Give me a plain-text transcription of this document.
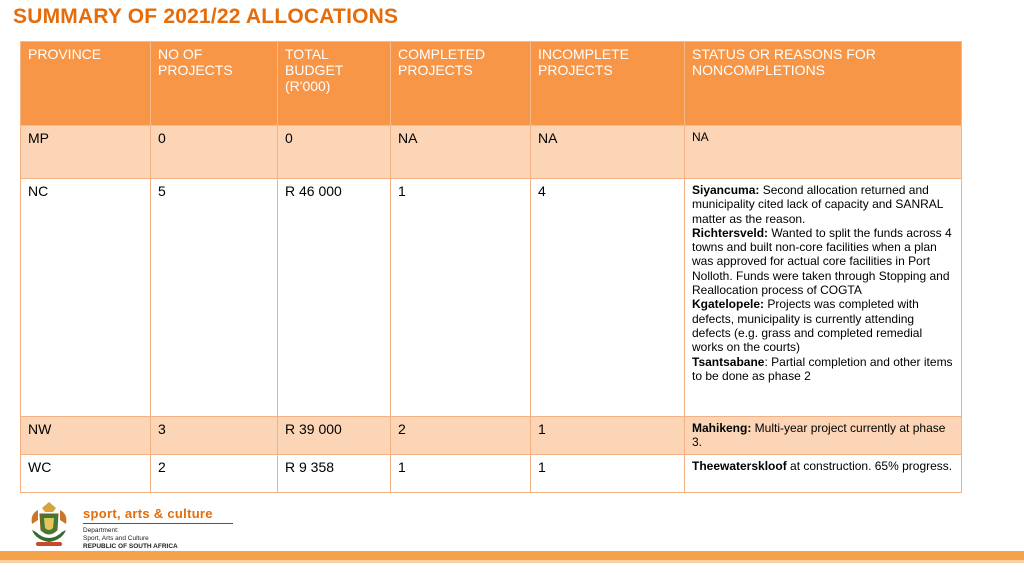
SUMMARY OF 2021/22 ALLOCATIONS
PROVINCE	NO OF PROJECTS	TOTAL BUDGET (R'000)	COMPLETED PROJECTS	INCOMPLETE PROJECTS	STATUS OR REASONS FOR NONCOMPLETIONS
MP	0	0	NA	NA	NA
NC	5	R 46 000	1	4	Siyancuma: Second allocation returned and municipality cited lack of capacity and SANRAL matter as the reason.
Richtersveld: Wanted to split the funds across 4 towns and built non-core facilities when a plan was approved for actual core facilities in Port Nolloth. Funds were taken through Stopping and Reallocation process of COGTA
Kgatelopele: Projects was completed with defects, municipality is currently attending defects (e.g. grass and completed remedial works on the courts)
Tsantsabane: Partial completion and other items to be done as phase 2
NW	3	R 39 000	2	1	Mahikeng: Multi-year project currently at phase 3.
WC	2	R 9 358	1	1	Theewaterskloof at construction. 65% progress.
sport, arts & culture
Department:
Sport, Arts and Culture
REPUBLIC OF SOUTH AFRICA
